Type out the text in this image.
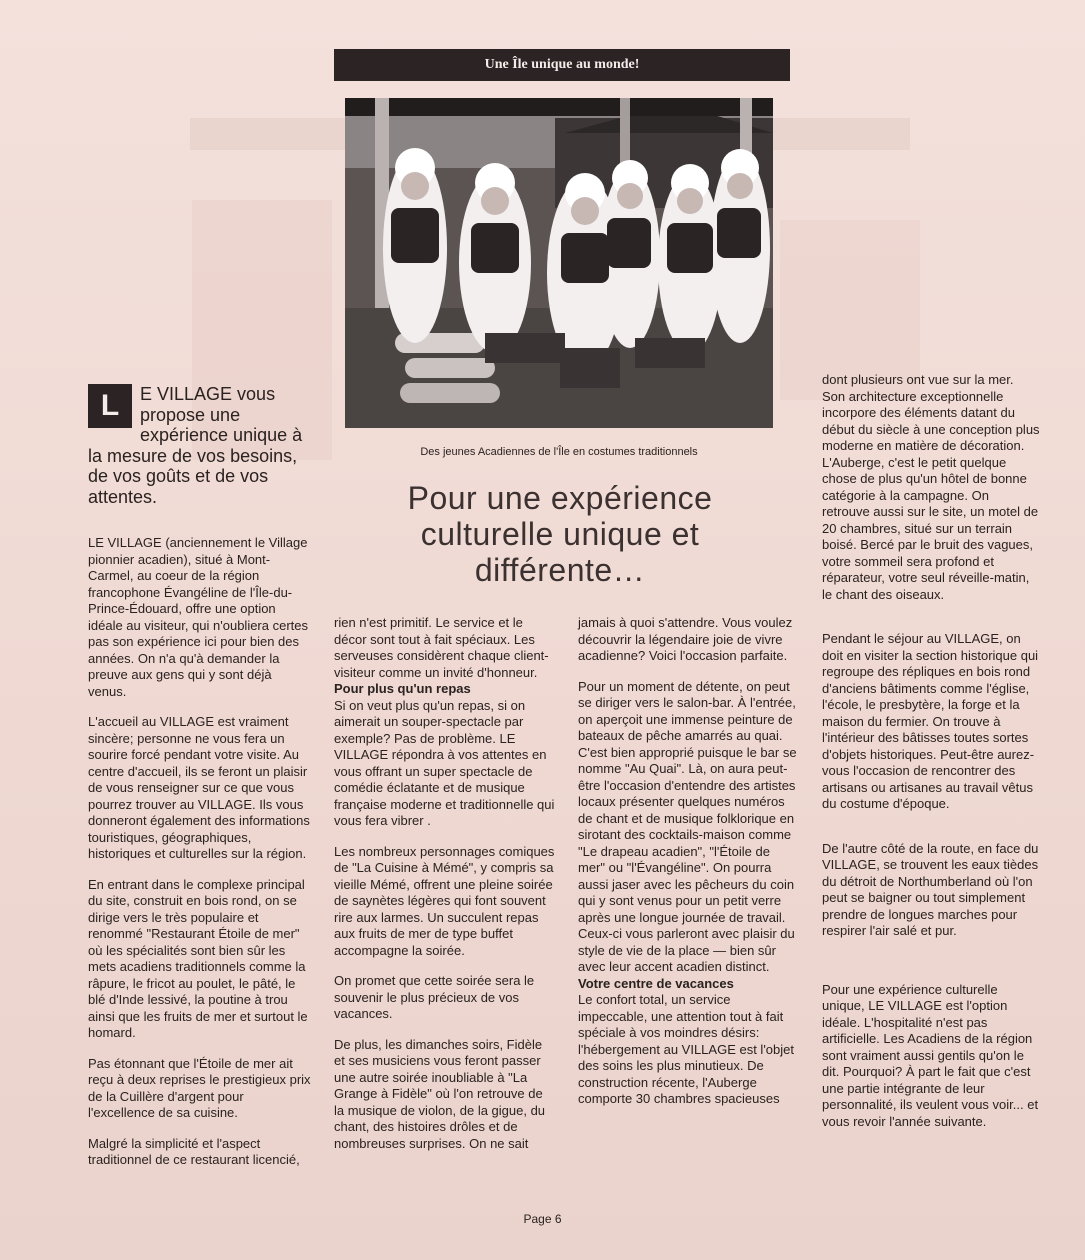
Une Île unique au monde!
Des jeunes Acadiennes de l'Île en costumes traditionnels
Pour une expérience
culturelle unique et
différente…
L	E VILLAGE vous propose une expérience unique à la mesure de vos besoins, de vos goûts et de vos attentes.

LE VILLAGE (anciennement le Village pionnier acadien), situé à Mont-Carmel, au coeur de la région francophone Évangéline de l'Île-du-Prince-Édouard, offre une option idéale au visiteur, qui n'oubliera certes pas son expérience ici pour bien des années. On n'a qu'à demander la preuve aux gens qui y sont déjà venus.

L'accueil au VILLAGE est vraiment sincère; personne ne vous fera un sourire forcé pendant votre visite. Au centre d'accueil, ils se feront un plaisir de vous renseigner sur ce que vous pourrez trouver au VILLAGE. Ils vous donneront également des informations touristiques, géographiques, historiques et culturelles sur la région.

En entrant dans le complexe principal du site, construit en bois rond, on se dirige vers le très populaire et renommé "Restaurant Étoile de mer" où les spécialités sont bien sûr les mets acadiens traditionnels comme la râpure, le fricot au poulet, le pâté, le blé d'Inde lessivé, la poutine à trou ainsi que les fruits de mer et surtout le homard.

Pas étonnant que l'Étoile de mer ait reçu à deux reprises le prestigieux prix de la Cuillère d'argent pour l'excellence de sa cuisine.

Malgré la simplicité et l'aspect traditionnel de ce restaurant licencié,

rien n'est primitif. Le service et le décor sont tout à fait spéciaux. Les serveuses considèrent chaque client-visiteur comme un invité d'honneur.

Pour plus qu'un repas

Si on veut plus qu'un repas, si on aimerait un souper-spectacle par exemple? Pas de problème. LE VILLAGE répondra à vos attentes en vous offrant un super spectacle de comédie éclatante et de musique française moderne et traditionnelle qui vous fera vibrer .

Les nombreux personnages comiques de "La Cuisine à Mémé", y compris sa vieille Mémé, offrent une pleine soirée de saynètes légères qui font souvent rire aux larmes. Un succulent repas aux fruits de mer de type buffet accompagne la soirée.

On promet que cette soirée sera le souvenir le plus précieux de vos vacances.

De plus, les dimanches soirs, Fidèle et ses musiciens vous feront passer une autre soirée inoubliable à "La Grange à Fidèle" où l'on retrouve de la musique de violon, de la gigue, du chant, des histoires drôles et de nombreuses surprises. On ne sait

jamais à quoi s'attendre. Vous voulez découvrir la légendaire joie de vivre acadienne? Voici l'occasion parfaite.

Pour un moment de détente, on peut se diriger vers le salon-bar. À l'entrée, on aperçoit une immense peinture de bateaux de pêche amarrés au quai. C'est bien approprié puisque le bar se nomme "Au Quai". Là, on aura peut-être l'occasion d'entendre des artistes locaux présenter quelques numéros de chant et de musique folklorique en sirotant des cocktails-maison comme "Le drapeau acadien", "l'Étoile de mer" ou "l'Évangéline". On pourra aussi jaser avec les pêcheurs du coin qui y sont venus pour un petit verre après une longue journée de travail. Ceux-ci vous parleront avec plaisir du style de vie de la place — bien sûr avec leur accent acadien distinct.

Votre centre de vacances

Le confort total, un service impeccable, une attention tout à fait spéciale à vos moindres désirs: l'hébergement au VILLAGE est l'objet des soins les plus minutieux. De construction récente, l'Auberge comporte 30 chambres spacieuses

dont plusieurs ont vue sur la mer. Son architecture exceptionnelle incorpore des éléments datant du début du siècle à une conception plus moderne en matière de décoration. L'Auberge, c'est le petit quelque chose de plus qu'un hôtel de bonne catégorie à la campagne. On retrouve aussi sur le site, un motel de 20 chambres, situé sur un terrain boisé. Bercé par le bruit des vagues, votre sommeil sera profond et réparateur, votre seul réveille-matin, le chant des oiseaux.

Pendant le séjour au VILLAGE, on doit en visiter la section historique qui regroupe des répliques en bois rond d'anciens bâtiments comme l'église, l'école, le presbytère, la forge et la maison du fermier. On trouve à l'intérieur des bâtisses toutes sortes d'objets historiques. Peut-être aurez-vous l'occasion de rencontrer des artisans ou artisanes au travail vêtus du costume d'époque.

De l'autre côté de la route, en face du VILLAGE, se trouvent les eaux tièdes du détroit de Northumberland où l'on peut se baigner ou tout simplement prendre de longues marches pour respirer l'air salé et pur.

Pour une expérience culturelle unique, LE VILLAGE est l'option idéale. L'hospitalité n'est pas artificielle. Les Acadiens de la région sont vraiment aussi gentils qu'on le dit. Pourquoi? À part le fait que c'est une partie intégrante de leur personnalité, ils veulent vous voir... et vous revoir l'année suivante.

Page 6
